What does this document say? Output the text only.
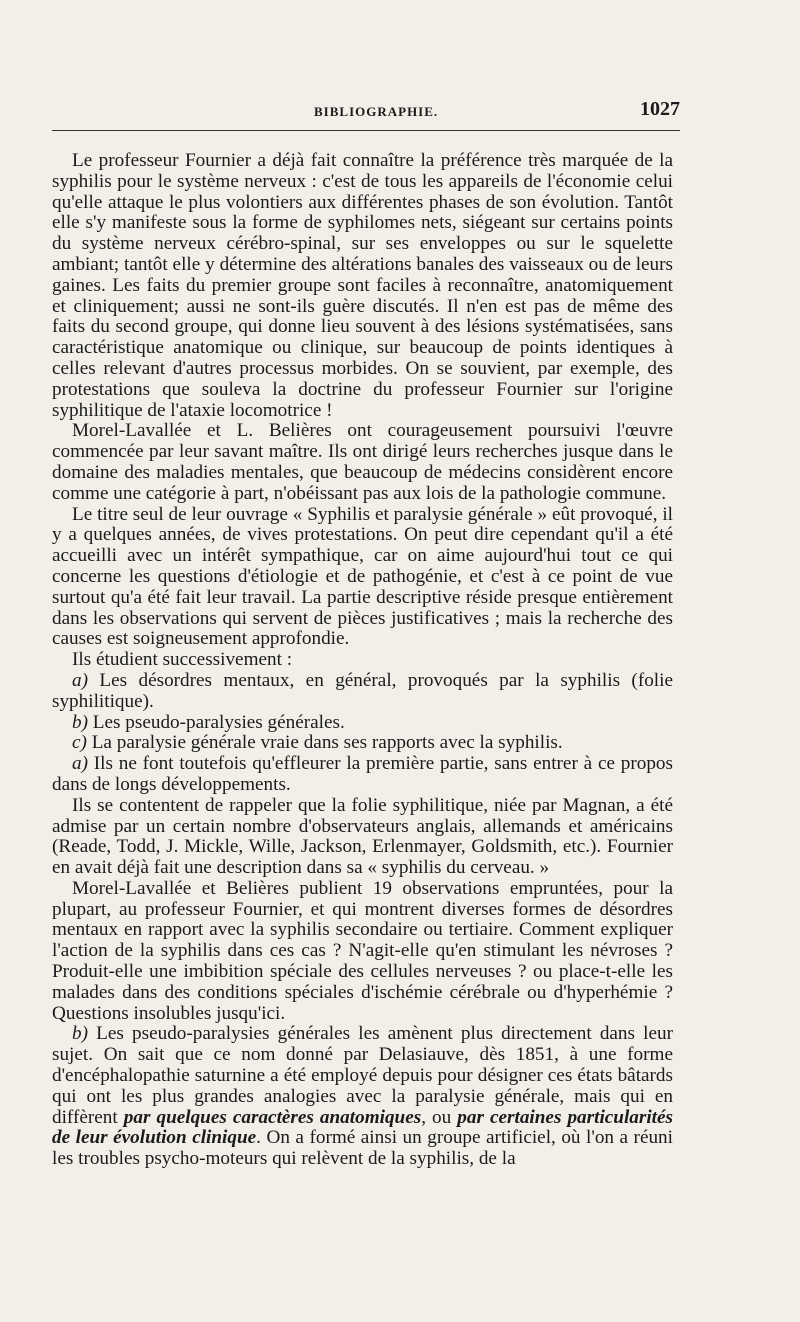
BIBLIOGRAPHIE.	1027

Le professeur Fournier a déjà fait connaître la préférence très marquée de la syphilis pour le système nerveux : c'est de tous les appareils de l'économie celui qu'elle attaque le plus volontiers aux différentes phases de son évolution. Tantôt elle s'y manifeste sous la forme de syphilomes nets, siégeant sur certains points du système nerveux cérébro-spinal, sur ses enveloppes ou sur le squelette ambiant; tantôt elle y détermine des altérations banales des vaisseaux ou de leurs gaines. Les faits du premier groupe sont faciles à reconnaître, anatomiquement et cliniquement; aussi ne sont-ils guère discutés. Il n'en est pas de même des faits du second groupe, qui donne lieu souvent à des lésions systématisées, sans caractéristique anatomique ou clinique, sur beaucoup de points identiques à celles relevant d'autres processus morbides. On se souvient, par exemple, des protestations que souleva la doctrine du professeur Fournier sur l'origine syphilitique de l'ataxie locomotrice !

Morel-Lavallée et L. Belières ont courageusement poursuivi l'œuvre commencée par leur savant maître. Ils ont dirigé leurs recherches jusque dans le domaine des maladies mentales, que beaucoup de médecins considèrent encore comme une catégorie à part, n'obéissant pas aux lois de la pathologie commune.

Le titre seul de leur ouvrage « Syphilis et paralysie générale » eût provoqué, il y a quelques années, de vives protestations. On peut dire cependant qu'il a été accueilli avec un intérêt sympathique, car on aime aujourd'hui tout ce qui concerne les questions d'étiologie et de pathogénie, et c'est à ce point de vue surtout qu'a été fait leur travail. La partie descriptive réside presque entièrement dans les observations qui servent de pièces justificatives ; mais la recherche des causes est soigneusement approfondie.

Ils étudient successivement :

a) Les désordres mentaux, en général, provoqués par la syphilis (folie syphilitique).

b) Les pseudo-paralysies générales.

c) La paralysie générale vraie dans ses rapports avec la syphilis.

a) Ils ne font toutefois qu'effleurer la première partie, sans entrer à ce propos dans de longs développements.

Ils se contentent de rappeler que la folie syphilitique, niée par Magnan, a été admise par un certain nombre d'observateurs anglais, allemands et américains (Reade, Todd, J. Mickle, Wille, Jackson, Erlenmayer, Goldsmith, etc.). Fournier en avait déjà fait une description dans sa « syphilis du cerveau. »

Morel-Lavallée et Belières publient 19 observations empruntées, pour la plupart, au professeur Fournier, et qui montrent diverses formes de désordres mentaux en rapport avec la syphilis secondaire ou tertiaire. Comment expliquer l'action de la syphilis dans ces cas ? N'agit-elle qu'en stimulant les névroses ? Produit-elle une imbibition spéciale des cellules nerveuses ? ou place-t-elle les malades dans des conditions spéciales d'ischémie cérébrale ou d'hyperhémie ? Questions insolubles jusqu'ici.

b) Les pseudo-paralysies générales les amènent plus directement dans leur sujet. On sait que ce nom donné par Delasiauve, dès 1851, à une forme d'encéphalopathie saturnine a été employé depuis pour désigner ces états bâtards qui ont les plus grandes analogies avec la paralysie générale, mais qui en diffèrent par quelques caractères anatomiques, ou par certaines particularités de leur évolution clinique. On a formé ainsi un groupe artificiel, où l'on a réuni les troubles psycho-moteurs qui relèvent de la syphilis, de la
